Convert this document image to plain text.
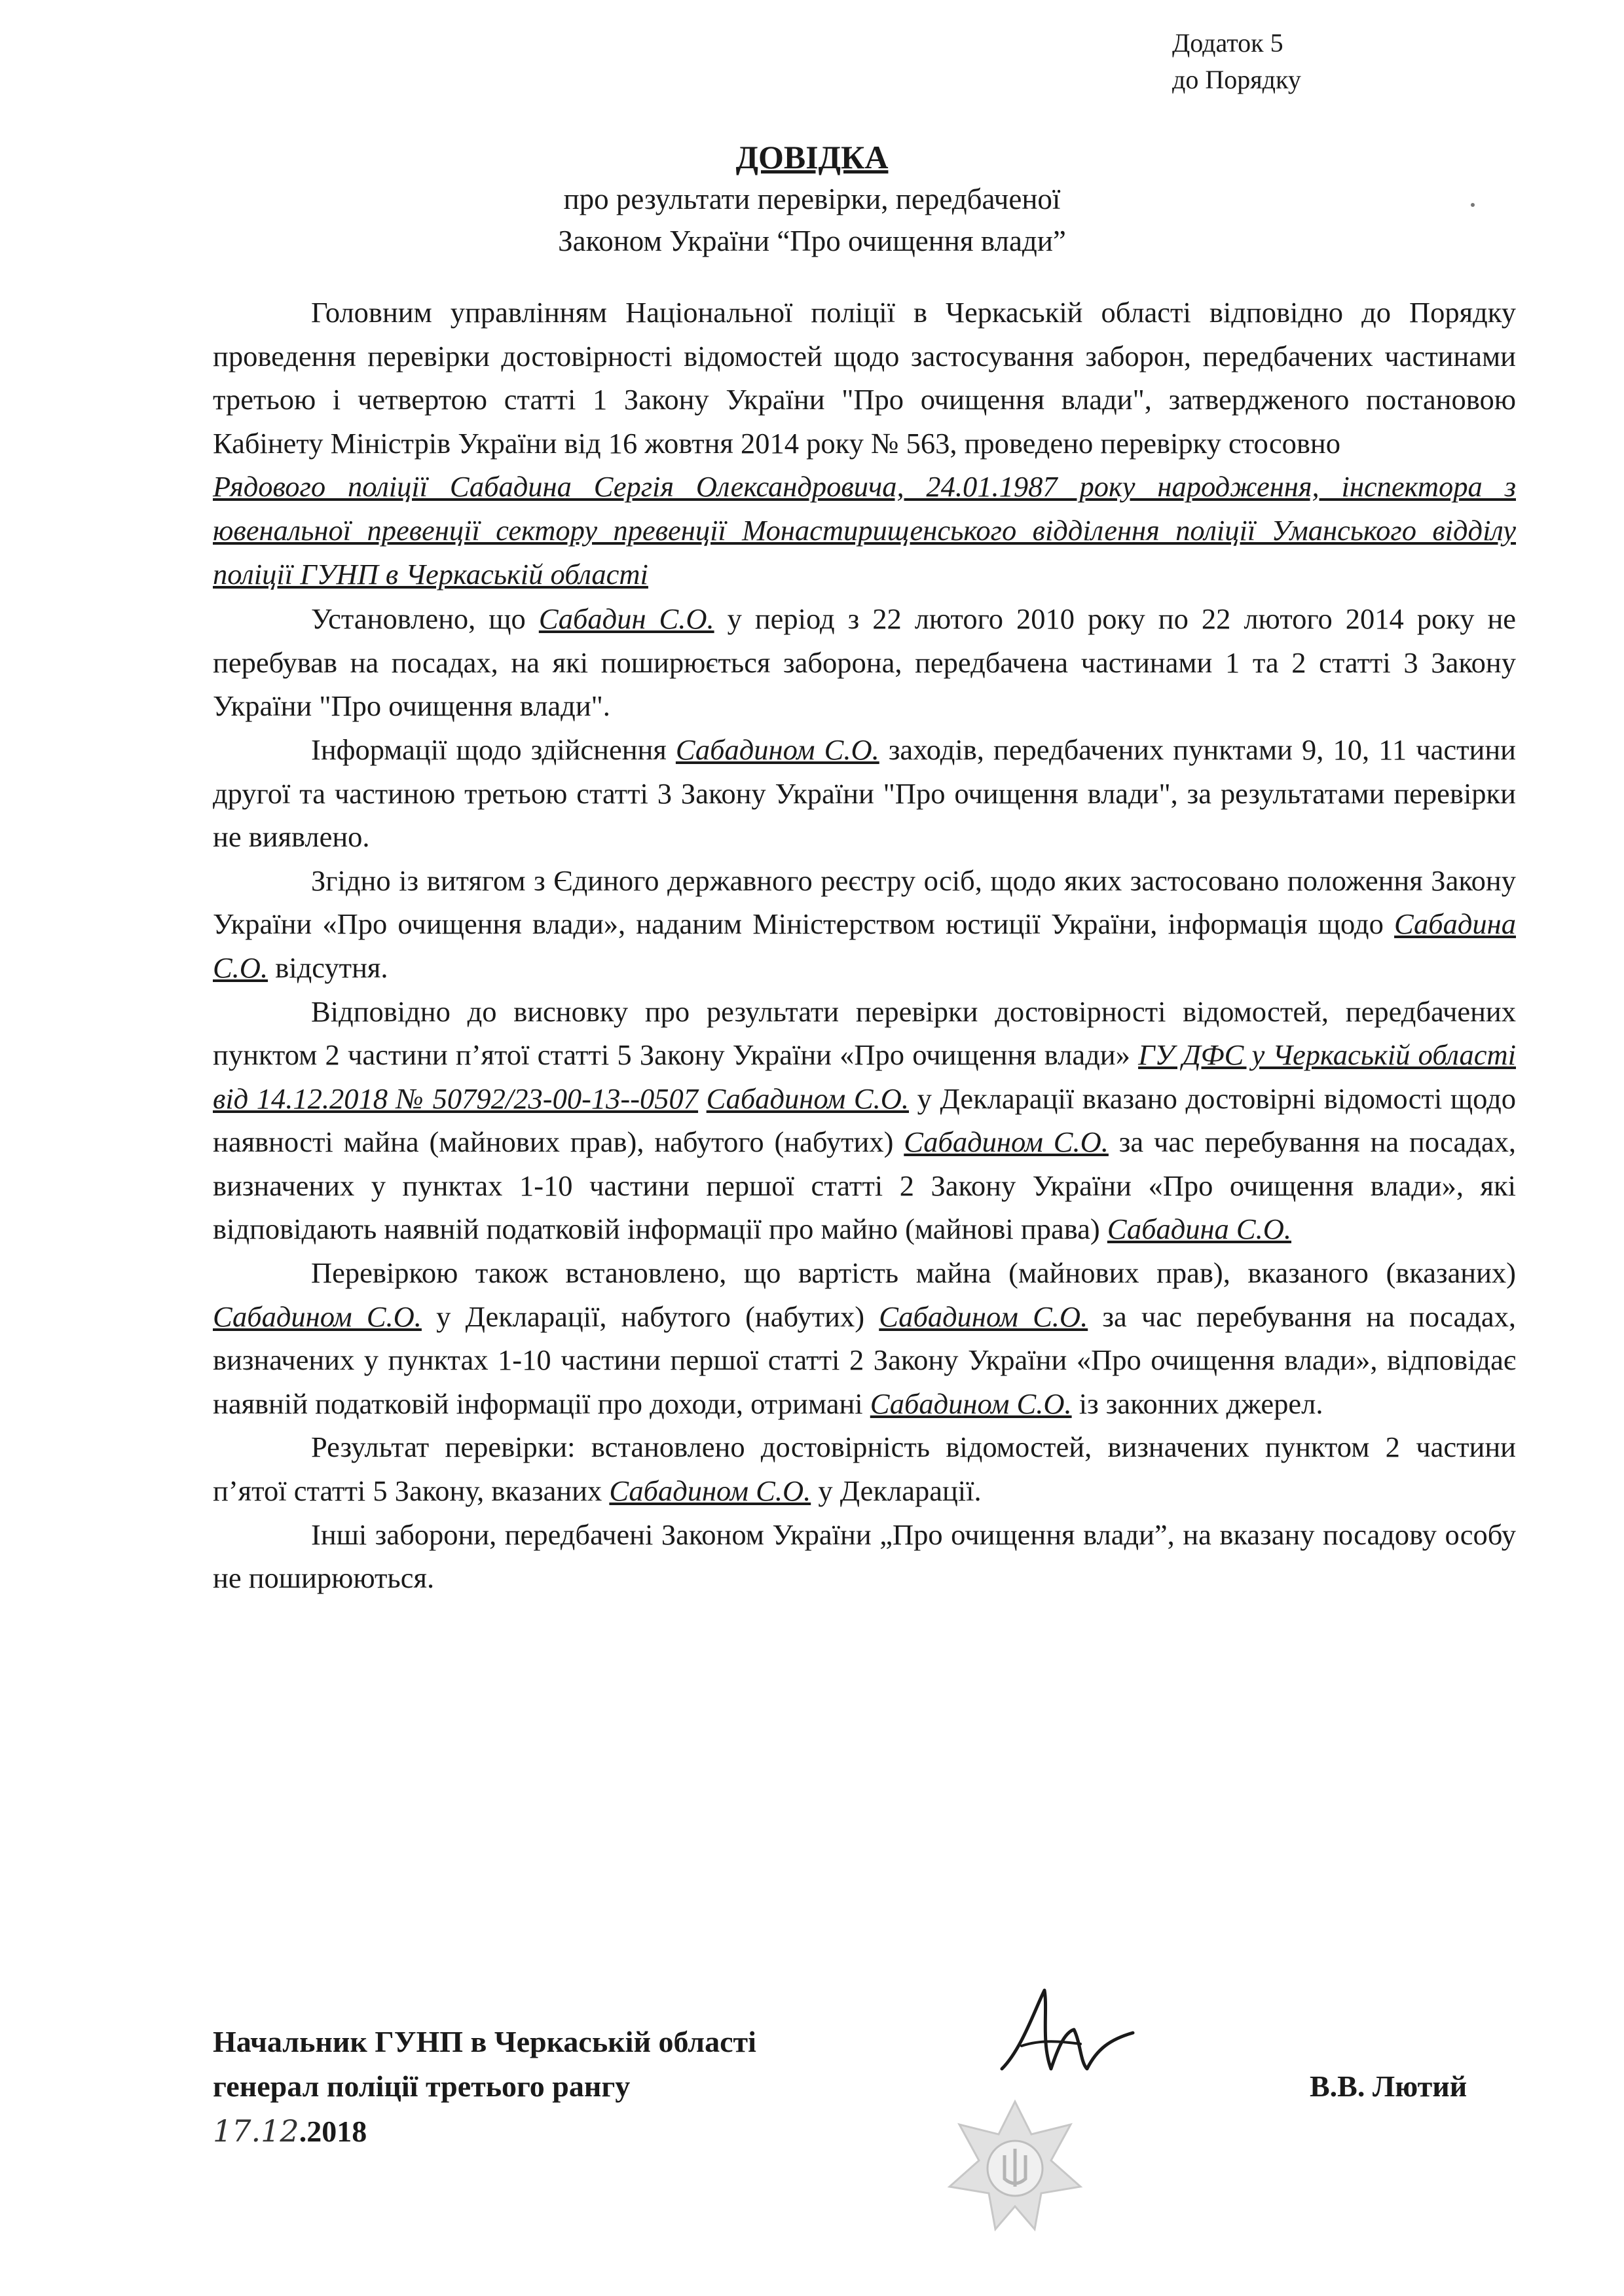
Додаток 5
до Порядку
ДОВІДКА
про результати перевірки, передбаченої
Законом України “Про очищення влади”

Головним управлінням Національної поліції в Черкаській області відповідно до Порядку проведення перевірки достовірності відомостей щодо застосування заборон, передбачених частинами третьою і четвертою статті 1 Закону України "Про очищення влади", затвердженого постановою Кабінету Міністрів України від 16 жовтня 2014 року № 563, проведено перевірку стосовно

Рядового поліції Сабадина Сергія Олександровича, 24.01.1987 року народження, інспектора з ювенальної превенції сектору превенції Монастирищенського відділення поліції Уманського відділу поліції ГУНП в Черкаській області

Установлено, що Сабадин С.О. у період з 22 лютого 2010 року по 22 лютого 2014 року не перебував на посадах, на які поширюється заборона, передбачена частинами 1 та 2 статті 3 Закону України "Про очищення влади".

Інформації щодо здійснення Сабадином С.О. заходів, передбачених пунктами 9, 10, 11 частини другої та частиною третьою статті 3 Закону України "Про очищення влади", за результатами перевірки не виявлено.

Згідно із витягом з Єдиного державного реєстру осіб, щодо яких застосовано положення Закону України «Про очищення влади», наданим Міністерством юстиції України, інформація щодо Сабадина С.О. відсутня.

Відповідно до висновку про результати перевірки достовірності відомостей, передбачених пунктом 2 частини п’ятої статті 5 Закону України «Про очищення влади» ГУ ДФС у Черкаській області від 14.12.2018 № 50792/23-00-13--0507 Сабадином С.О. у Декларації вказано достовірні відомості щодо наявності майна (майнових прав), набутого (набутих) Сабадином С.О. за час перебування на посадах, визначених у пунктах 1-10 частини першої статті 2 Закону України «Про очищення влади», які відповідають наявній податковій інформації про майно (майнові права) Сабадина С.О.

Перевіркою також встановлено, що вартість майна (майнових прав), вказаного (вказаних) Сабадином С.О. у Декларації, набутого (набутих) Сабадином С.О. за час перебування на посадах, визначених у пунктах 1-10 частини першої статті 2 Закону України «Про очищення влади», відповідає наявній податковій інформації про доходи, отримані Сабадином С.О. із законних джерел.

Результат перевірки: встановлено достовірність відомостей, визначених пунктом 2 частини п’ятої статті 5 Закону, вказаних Сабадином С.О. у Декларації.

Інші заборони, передбачені Законом України „Про очищення влади”, на вказану посадову особу не поширюються.

Начальник ГУНП в Черкаській області
генерал поліції третього рангу
17.12.2018
В.В. Лютий
